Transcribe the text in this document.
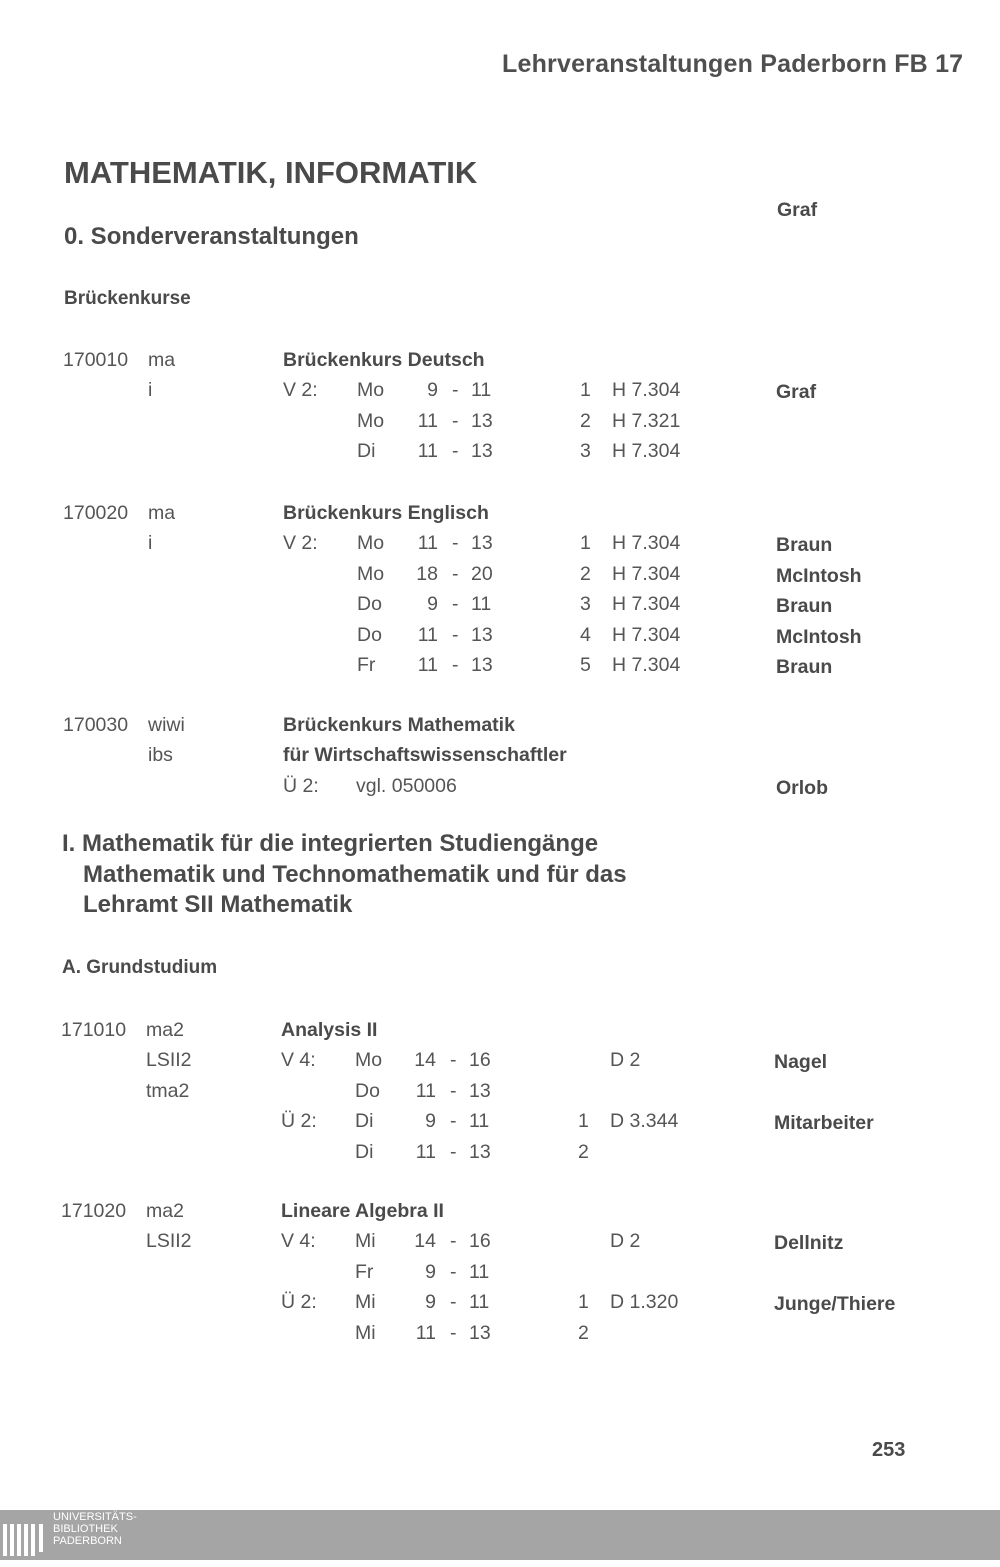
Lehrveranstaltungen Paderborn FB 17
MATHEMATIK, INFORMATIK
Graf
0. Sonderveranstaltungen
Brückenkurse
170010 ma
i
Brückenkurs Deutsch
V 2: Mo 9 - 11	1 H 7.304	Graf
Mo 11 - 13	2 H 7.321
Di 11 - 13	3 H 7.304
170020 ma
i
Brückenkurs Englisch
V 2: Mo 11 - 13	1 H 7.304	Braun
Mo 18 - 20	2 H 7.304	McIntosh
Do 9 - 11	3 H 7.304	Braun
Do 11 - 13	4 H 7.304	McIntosh
Fr 11 - 13	5 H 7.304	Braun
170030 wiwi
ibs
Brückenkurs Mathematik
für Wirtschaftswissenschaftler
Ü 2: vgl. 050006	Orlob
I. Mathematik für die integrierten Studiengänge
Mathematik und Technomathematik und für das
Lehramt SII Mathematik
A. Grundstudium
171010 ma2
LSII2
tma2
Analysis II
V 4: Mo 14 - 16	D 2	Nagel
Do 11 - 13
Ü 2: Di	9 - 11	1 D 3.344	Mitarbeiter
Di 11 - 13	2
171020 ma2
LSII2
Lineare Algebra II
V 4: Mi 14 - 16	D 2	Dellnitz
Fr	9 - 11
Ü 2: Mi	9 - 11	1 D 1.320	Junge/Thiere
Mi 11 - 13	2
253
UNIVERSITÄTS-
BIBLIOTHEK
PADERBORN
